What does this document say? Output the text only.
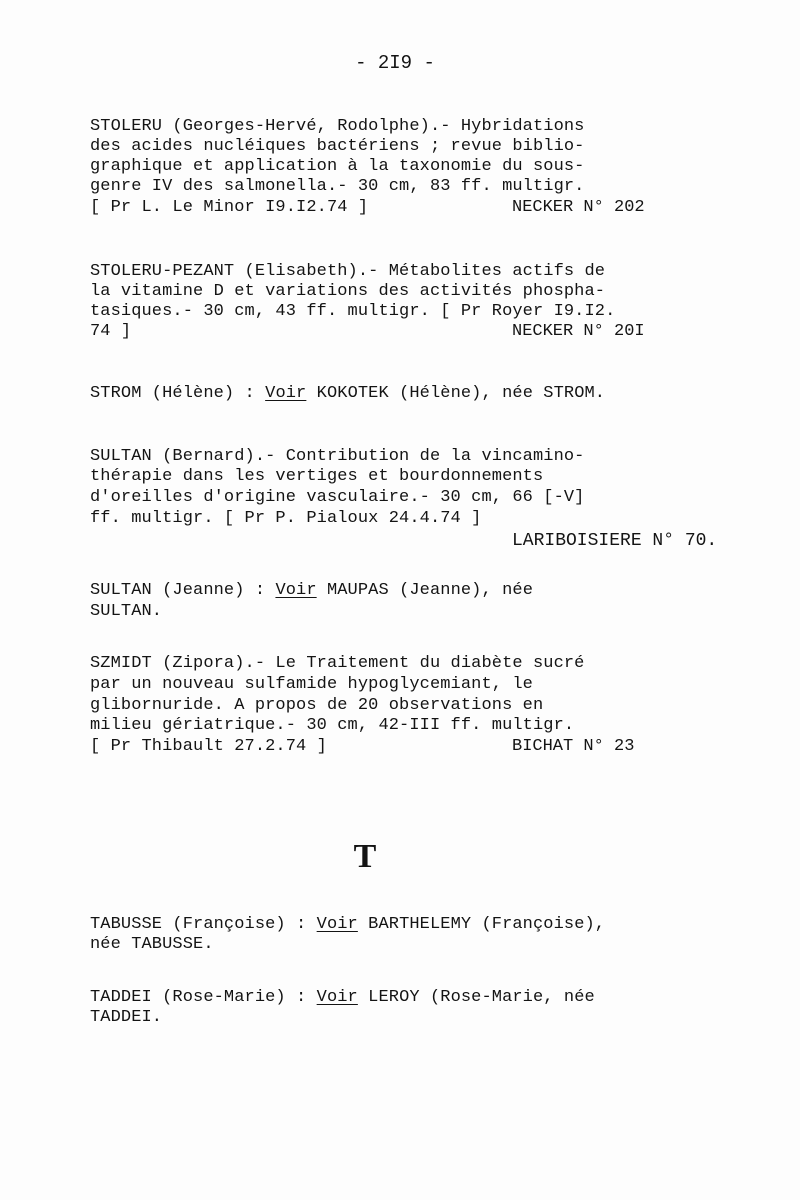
- 2I9 -
STOLERU (Georges-Hervé, Rodolphe).- Hybridations
des acides nucléiques bactériens ; revue biblio-
graphique et application à la taxonomie du sous-
genre IV des salmonella.- 30 cm, 83 ff. multigr.
[ Pr L. Le Minor I9.I2.74 ]	NECKER N° 202
STOLERU-PEZANT (Elisabeth).- Métabolites actifs de
la vitamine D et variations des activités phospha-
tasiques.- 30 cm, 43 ff. multigr. [ Pr Royer I9.I2.
74 ]	NECKER N° 20I
STROM (Hélène) : Voir KOKOTEK (Hélène), née STROM.
SULTAN (Bernard).- Contribution de la vincamino-
thérapie dans les vertiges et bourdonnements
d'oreilles d'origine vasculaire.- 30 cm, 66 [-V]
ff. multigr. [ Pr P. Pialoux 24.4.74 ]
LARIBOISIERE N° 70.
SULTAN (Jeanne) : Voir MAUPAS (Jeanne), née
SULTAN.
SZMIDT (Zipora).- Le Traitement du diabète sucré
par un nouveau sulfamide hypoglycemiant, le
glibornuride. A propos de 20 observations en
milieu gériatrique.- 30 cm, 42-III ff. multigr.
[ Pr Thibault 27.2.74 ]	BICHAT N° 23
T
TABUSSE (Françoise) : Voir BARTHELEMY (Françoise),
née TABUSSE.
TADDEI (Rose-Marie) : Voir LEROY (Rose-Marie, née
TADDEI.
